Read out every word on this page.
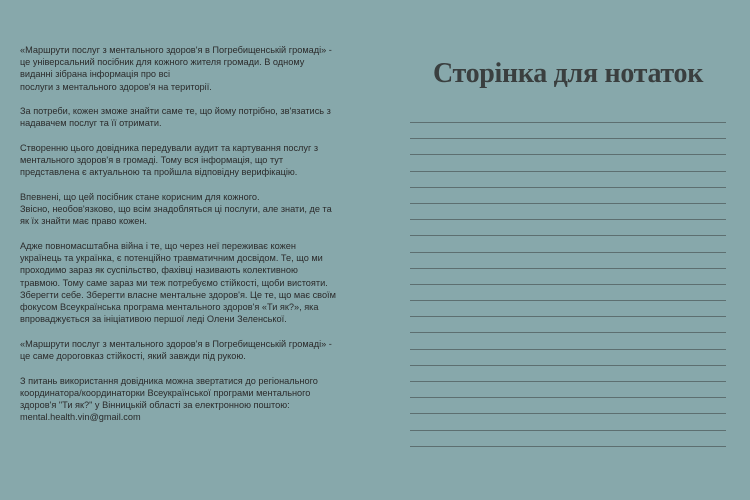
«Маршрути послуг з ментального здоров'я в Погребищенській громаді» -
це універсальний посібник для кожного жителя громади. В одному
виданні зібрана інформація про всі
послуги з ментального здоров'я на території.

За потреби, кожен зможе знайти саме те, що йому потрібно, зв'язатись з
надавачем послуг та її отримати.

Створенню цього довідника передували аудит та картування послуг з
ментального здоров'я в громаді. Тому вся інформація, що тут
представлена є актуальною та пройшла відповідну верифікацію.

Впевнені, що цей посібник стане корисним для кожного.
Звісно, необов'язково, що всім знадобляться ці послуги, але знати, де та
як їх знайти має право кожен.

Адже повномасштабна війна і те, що через неї переживає кожен
українець та українка, є потенційно травматичним досвідом. Те, що ми
проходимо зараз як суспільство, фахівці називають колективною
травмою. Тому саме зараз ми теж потребуємо стійкості, щоби вистояти.
Зберегти себе. Зберегти власне ментальне здоров'я. Це те, що має своїм
фокусом Всеукраїнська програма ментального здоров'я «Ти як?», яка
впроваджується за ініціативою першої леді Олени Зеленської.

«Маршрути послуг з ментального здоров'я в Погребищенській громаді» -
це саме дороговказ стійкості, який завжди під рукою.

З питань використання довідника можна звертатися до регіонального
координатора/координаторки Всеукраїнської програми ментального
здоров'я "Ти як?" у Вінницькій області за електронною поштою:
mental.health.vin@gmail.com

Сторінка для нотаток
